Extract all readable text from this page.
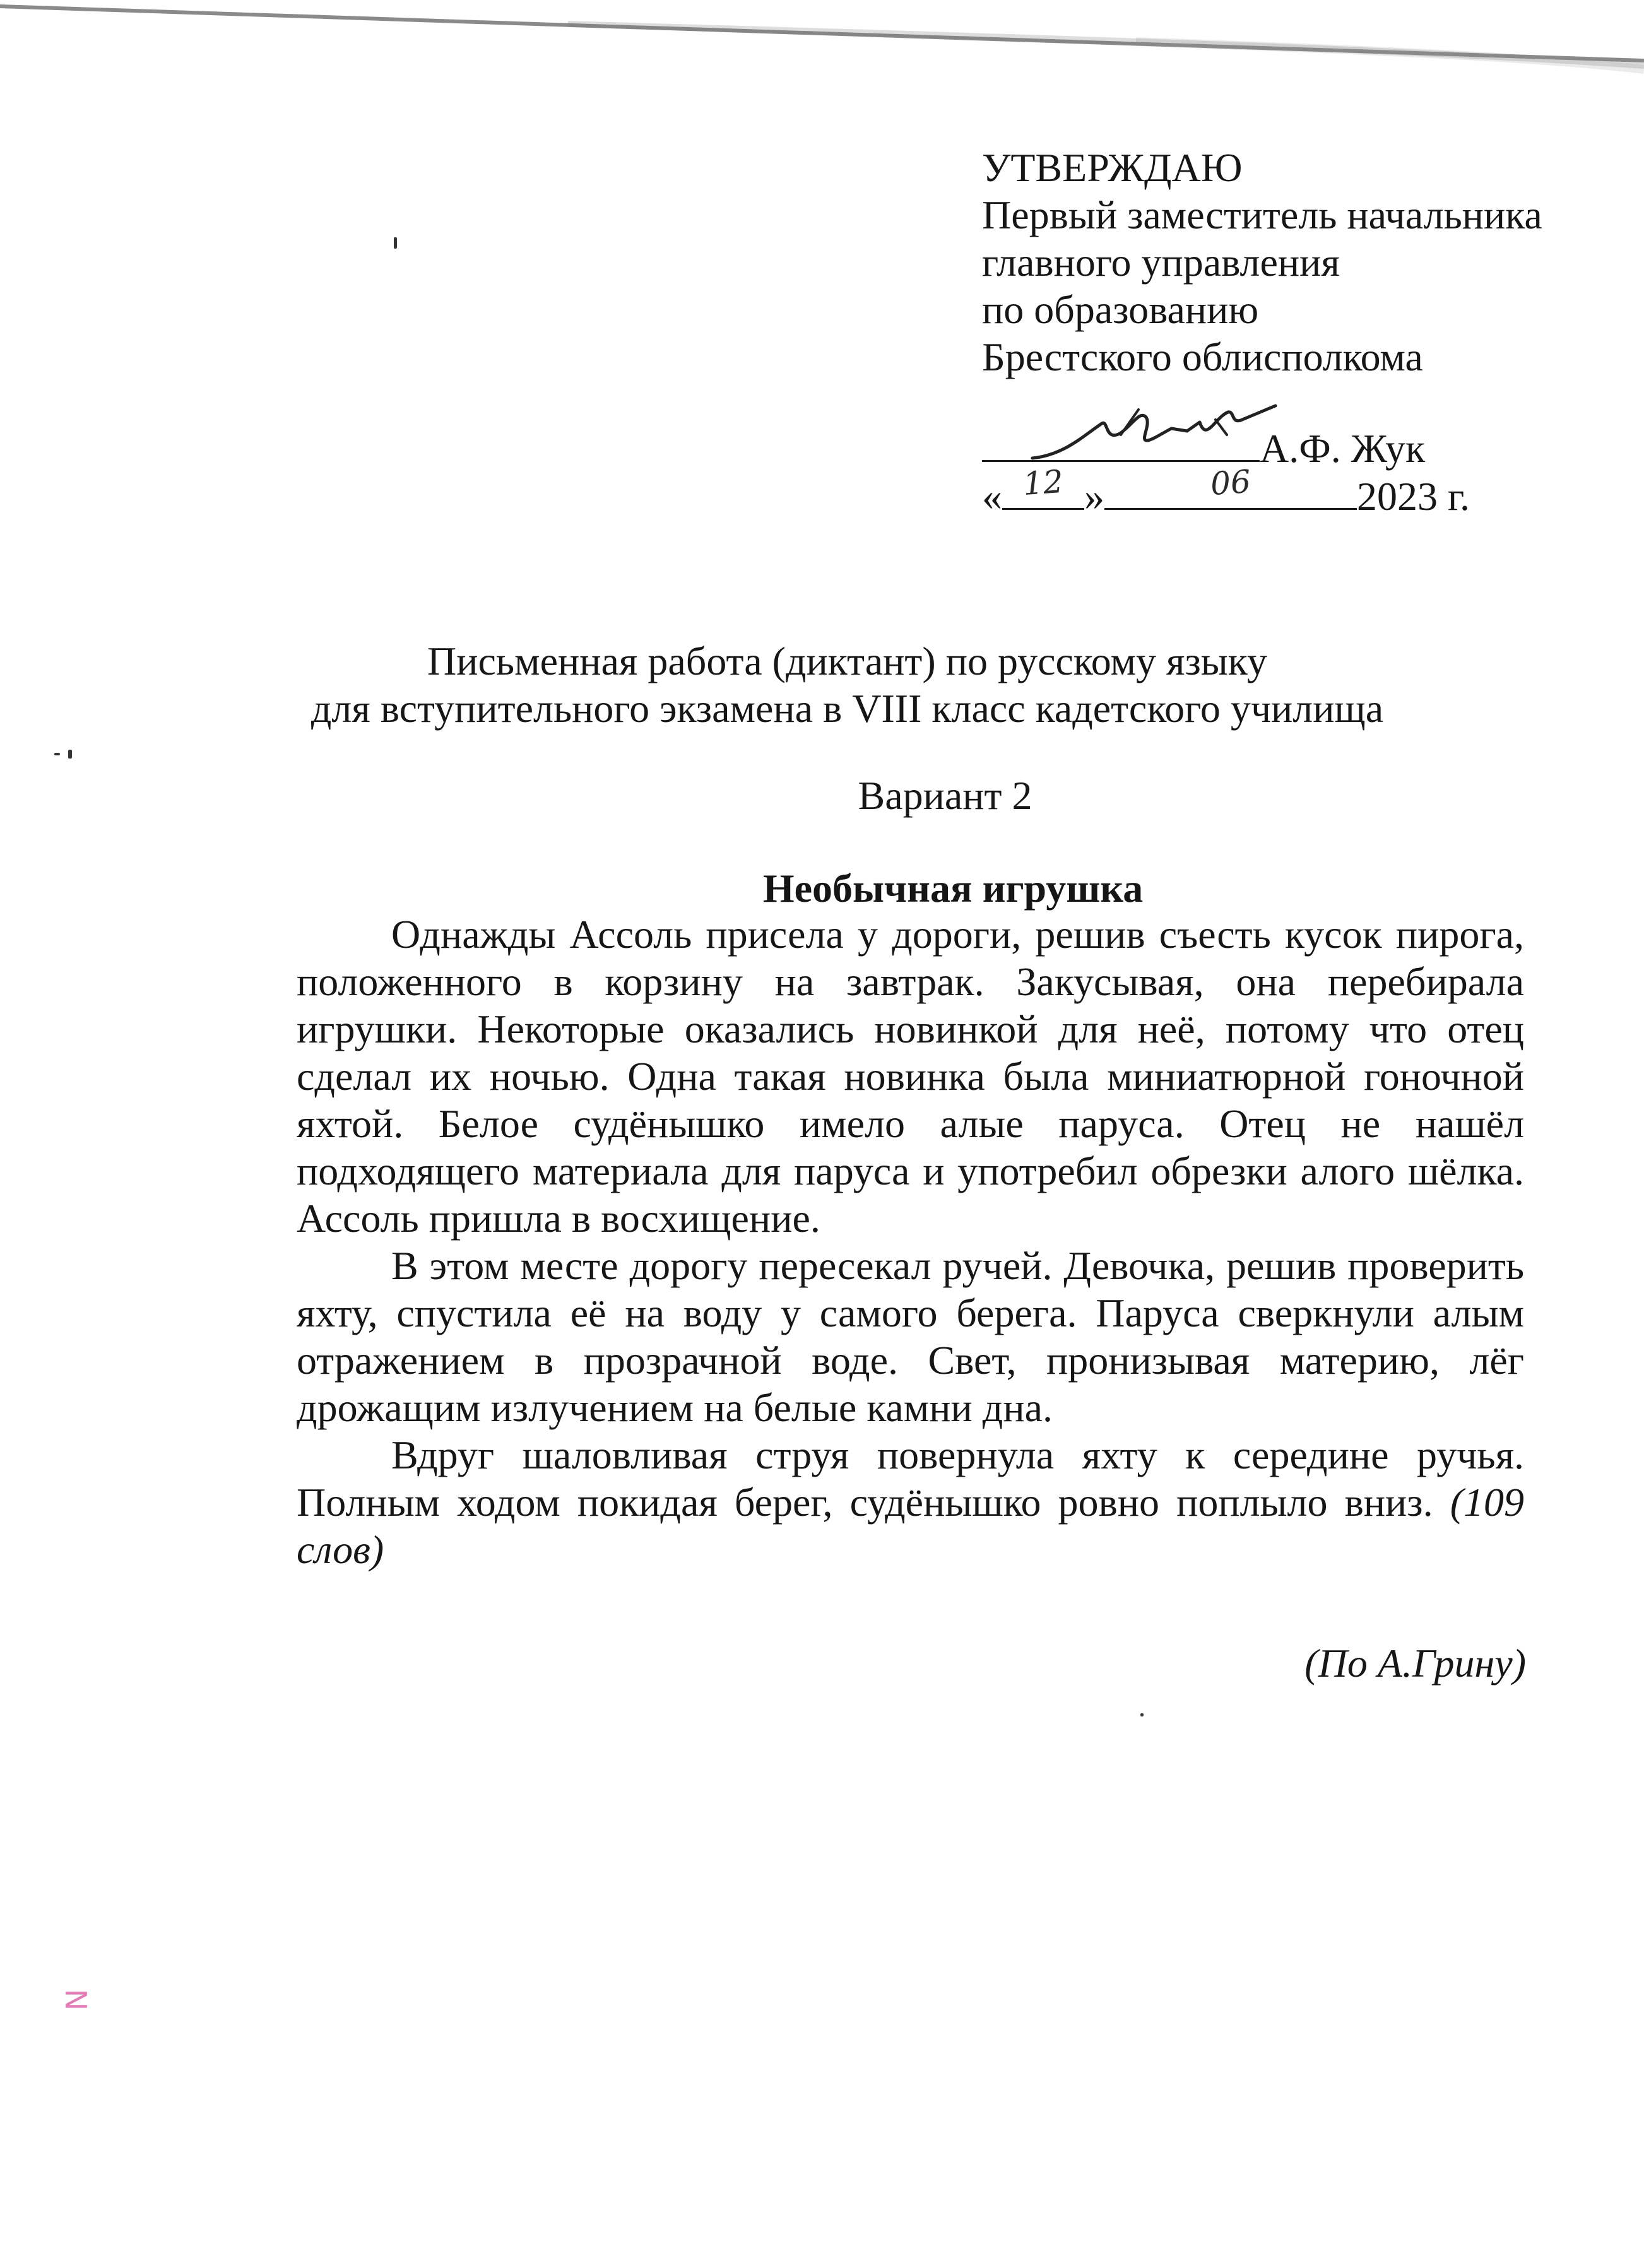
УТВЕРЖДАЮ
Первый заместитель начальника
главного управления
по образованию
Брестского облисполкома
А.Ф. Жук
« 12 »	06	2023 г.
Письменная работа (диктант) по русскому языку
для вступительного экзамена в VIII класс кадетского училища
Вариант 2
Необычная игрушка

Однажды Ассоль присела у дороги, решив съесть кусок пирога, положенного в корзину на завтрак. Закусывая, она перебирала игрушки. Некоторые оказались новинкой для неё, потому что отец сделал их ночью. Одна такая новинка была миниатюрной гоночной яхтой. Белое судёнышко имело алые паруса. Отец не нашёл подходящего материала для паруса и употребил обрезки алого шёлка. Ассоль пришла в восхищение.

В этом месте дорогу пересекал ручей. Девочка, решив проверить яхту, спустила её на воду у самого берега. Паруса сверкнули алым отражением в прозрачной воде. Свет, пронизывая материю, лёг дрожащим излучением на белые камни дна.

Вдруг шаловливая струя повернула яхту к середине ручья. Полным ходом покидая берег, судёнышко ровно поплыло вниз. (109 слов)

(По А.Грину)
N
